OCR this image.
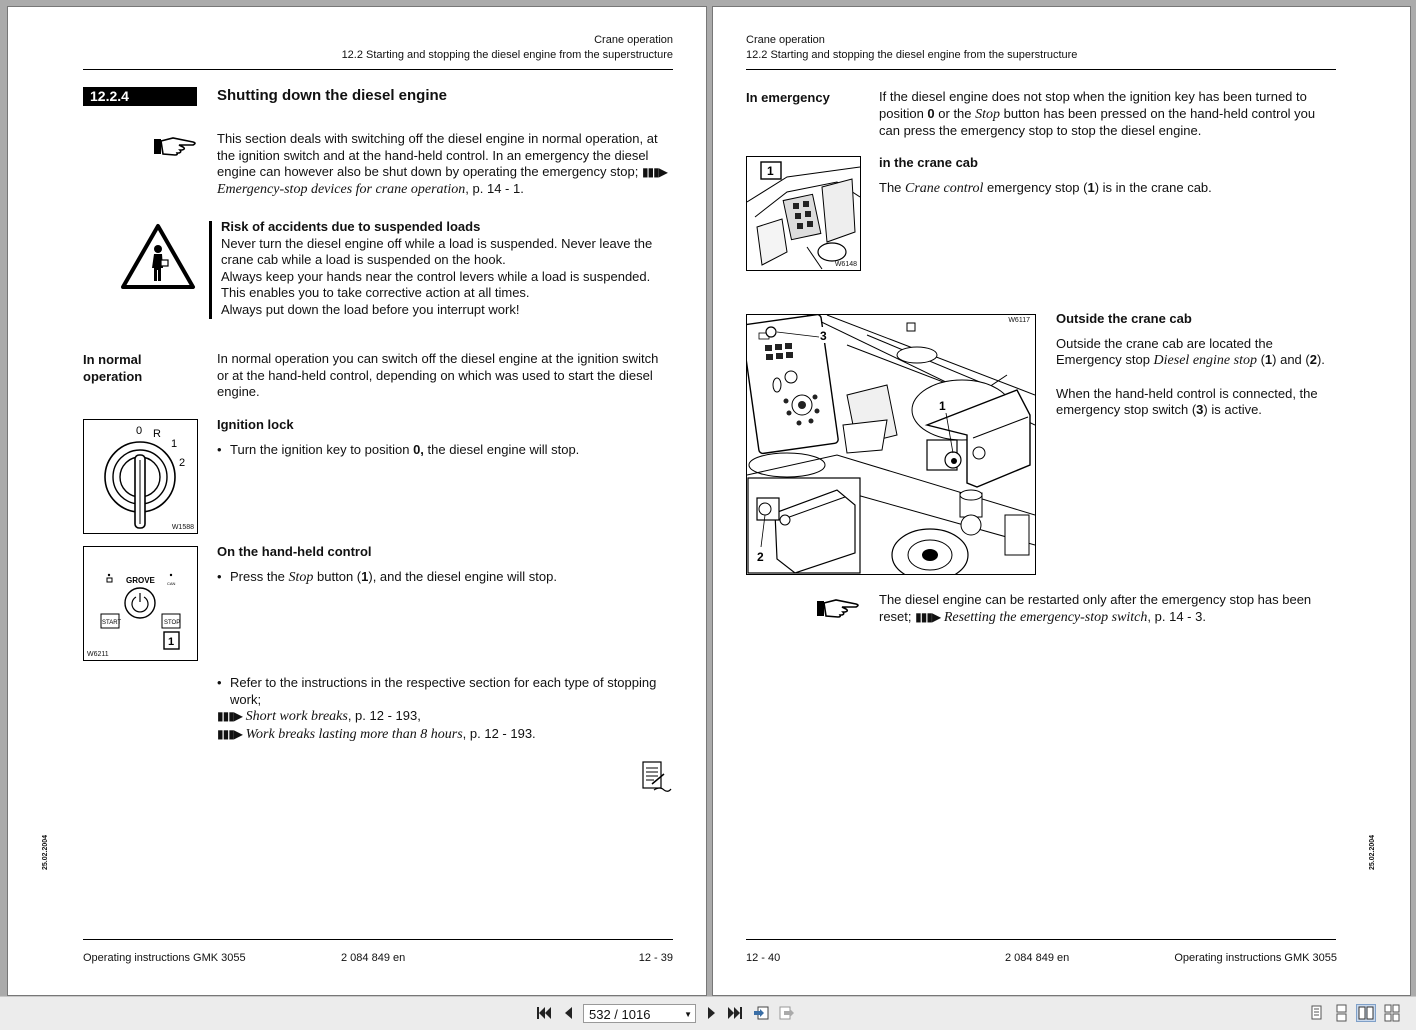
Crane operation
12.2 Starting and stopping the diesel engine from the superstructure
12.2.4	Shutting down the diesel engine
This section deals with switching off the diesel engine in normal operation, at the ignition switch and at the hand-held control. In an emergency the diesel engine can however also be shut down by operating the emergency stop; ▮▮▮▶ Emergency-stop devices for crane operation, p. 14 - 1.
Risk of accidents due to suspended loads
Never turn the diesel engine off while a load is suspended. Never leave the crane cab while a load is suspended on the hook.
Always keep your hands near the control levers while a load is suspended. This enables you to take corrective action at all times.
Always put down the load before you interrupt work!
In normal operation
In normal operation you can switch off the diesel engine at the ignition switch or at the hand-held control, depending on which was used to start the diesel engine.
0 R
1
2
W1588
Ignition lock
• Turn the ignition key to position 0, the diesel engine will stop.
GROVE	CAN
START	STOP
1
W6211
On the hand-held control
• Press the Stop button (1), and the diesel engine will stop.
• Refer to the instructions in the respective section for each type of stopping work;
▮▮▮▶ Short work breaks, p. 12 - 193,
▮▮▮▶ Work breaks lasting more than 8 hours, p. 12 - 193.
25.02.2004
Operating instructions GMK 3055	2 084 849 en	12 - 39
Crane operation
12.2 Starting and stopping the diesel engine from the superstructure
In emergency	If the diesel engine does not stop when the ignition key has been turned to position 0 or the Stop button has been pressed on the hand-held control you can press the emergency stop to stop the diesel engine.
1
W6148
in the crane cab
The Crane control emergency stop (1) is in the crane cab.
3
1
2
W6117 Outside the crane cab
Outside the crane cab are located the Emergency stop Diesel engine stop (1) and (2).
When the hand-held control is connected, the emergency stop switch (3) is active.
The diesel engine can be restarted only after the emergency stop has been reset; ▮▮▮▶ Resetting the emergency-stop switch, p. 14 - 3.
25.02.2004
12 - 40	2 084 849 en	Operating instructions GMK 3055
532 / 1016	▼
